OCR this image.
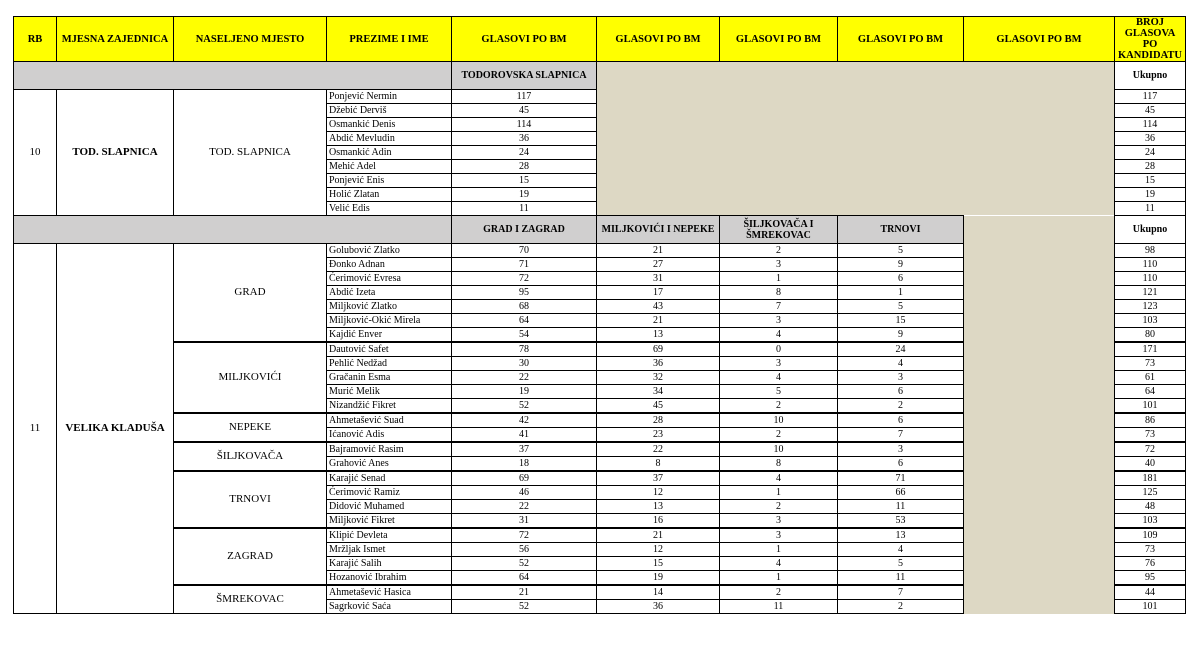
RB	MJESNA ZAJEDNICA	NASELJENO MJESTO	PREZIME I IME	GLASOVI PO BM	GLASOVI PO BM	GLASOVI PO BM	GLASOVI PO BM	GLASOVI PO BM	BROJ GLASOVA PO KANDIDATU
				TODOROVSKA SLAPNICA					Ukupno
10	TOD. SLAPNICA	TOD. SLAPNICA	Ponjević Nermin	117					117
			Džebić Derviš	45					45
			Osmankić Denis	114					114
			Abdić Mevludin	36					36
			Osmankić Adin	24					24
			Mehić Adel	28					28
			Ponjević Enis	15					15
			Holić Zlatan	19					19
			Velić Edis	11					11
				GRAD I ZAGRAD	MILJKOVIĆI I NEPEKE	ŠILJKOVAČA I ŠMREKOVAC	TRNOVI		Ukupno
11	VELIKA KLADUŠA	GRAD	Golubović Zlatko	70	21	2	5		98
			Đonko Adnan	71	27	3	9		110
			Ćerimović Evresa	72	31	1	6		110
			Abdić Izeta	95	17	8	1		121
			Miljković Zlatko	68	43	7	5		123
			Miljković-Okić Mirela	64	21	3	15		103
			Kajdić Enver	54	13	4	9		80
		MILJKOVIĆI	Dautović Safet	78	69	0	24		171
			Pehlić Nedžad	30	36	3	4		73
			Gračanin Esma	22	32	4	3		61
			Murić Melik	19	34	5	6		64
			Nizandžić Fikret	52	45	2	2		101
		NEPEKE	Ahmetašević Suad	42	28	10	6		86
			Ićanović Adis	41	23	2	7		73
		ŠILJKOVAČA	Bajramović Rasim	37	22	10	3		72
			Grahović Anes	18	8	8	6		40
		TRNOVI	Karajić Senad	69	37	4	71		181
			Ćerimović Ramiz	46	12	1	66		125
			Didović Muhamed	22	13	2	11		48
			Miljković Fikret	31	16	3	53		103
		ZAGRAD	Klipić Devleta	72	21	3	13		109
			Mržljak Ismet	56	12	1	4		73
			Karajić Salih	52	15	4	5		76
			Hozanović Ibrahim	64	19	1	11		95
		ŠMREKOVAC	Ahmetašević Hasica	21	14	2	7		44
			Sagrković Saća	52	36	11	2		101
